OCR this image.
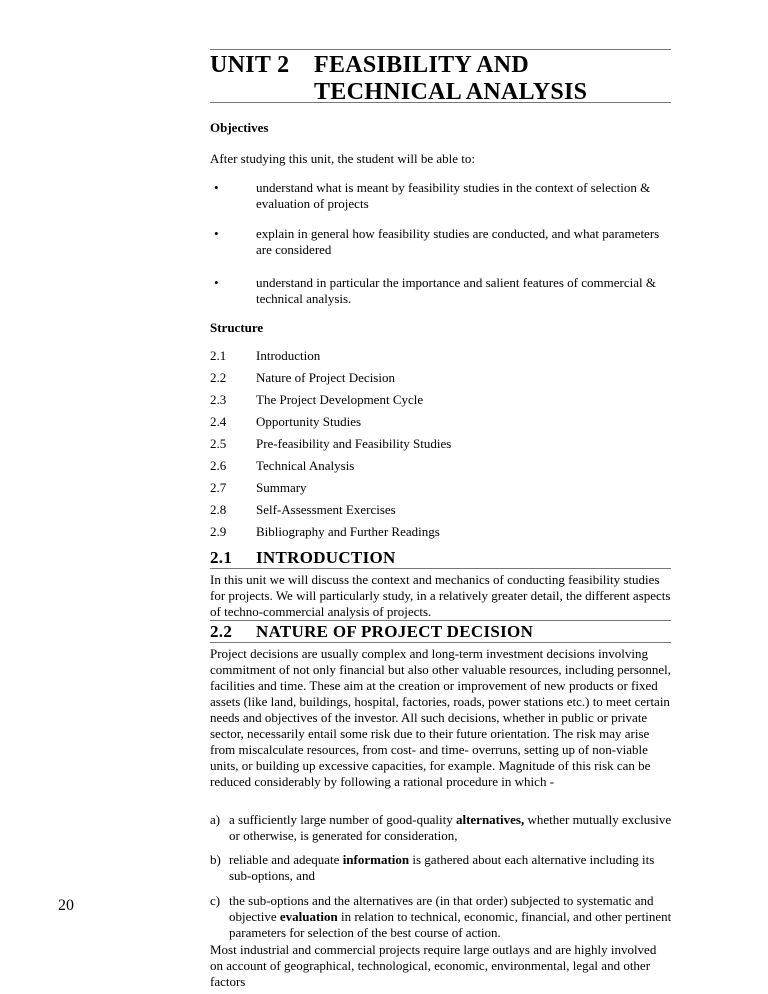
UNIT 2 FEASIBILITY AND TECHNICAL ANALYSIS
Objectives
After studying this unit, the student will be able to:
•	understand what is meant by feasibility studies in the context of selection & evaluation of projects
•	explain in general how feasibility studies are conducted, and what parameters are considered
•	understand in particular the importance and salient features of commercial & technical analysis.
Structure
2.1 Introduction
2.2 Nature of Project Decision
2.3 The Project Development Cycle
2.4 Opportunity Studies
2.5 Pre-feasibility and Feasibility Studies
2.6 Technical Analysis
2.7 Summary
2.8 Self-Assessment Exercises
2.9 Bibliography and Further Readings
2.1 INTRODUCTION
In this unit we will discuss the context and mechanics of conducting feasibility studies for projects. We will particularly study, in a relatively greater detail, the different aspects of techno-commercial analysis of projects.
2.2 NATURE OF PROJECT DECISION
Project decisions are usually complex and long-term investment decisions involving commitment of not only financial but also other valuable resources, including personnel, facilities and time. These aim at the creation or improvement of new products or fixed assets (like land, buildings, hospital, factories, roads, power stations etc.) to meet certain needs and objectives of the investor. All such decisions, whether in public or private sector, necessarily entail some risk due to their future orientation. The risk may arise from miscalculate resources, from cost- and time- overruns, setting up of non-viable units, or building up excessive capacities, for example. Magnitude of this risk can be reduced considerably by following a rational procedure in which -
a) a sufficiently large number of good-quality alternatives, whether mutually exclusive or otherwise, is generated for consideration,
b) reliable and adequate information is gathered about each alternative including its sub-options, and
c) the sub-options and the alternatives are (in that order) subjected to systematic and objective evaluation in relation to technical, economic, financial, and other pertinent parameters for selection of the best course of action.
Most industrial and commercial projects require large outlays and are highly involved on account of geographical, technological, economic, environmental, legal and other factors
20
